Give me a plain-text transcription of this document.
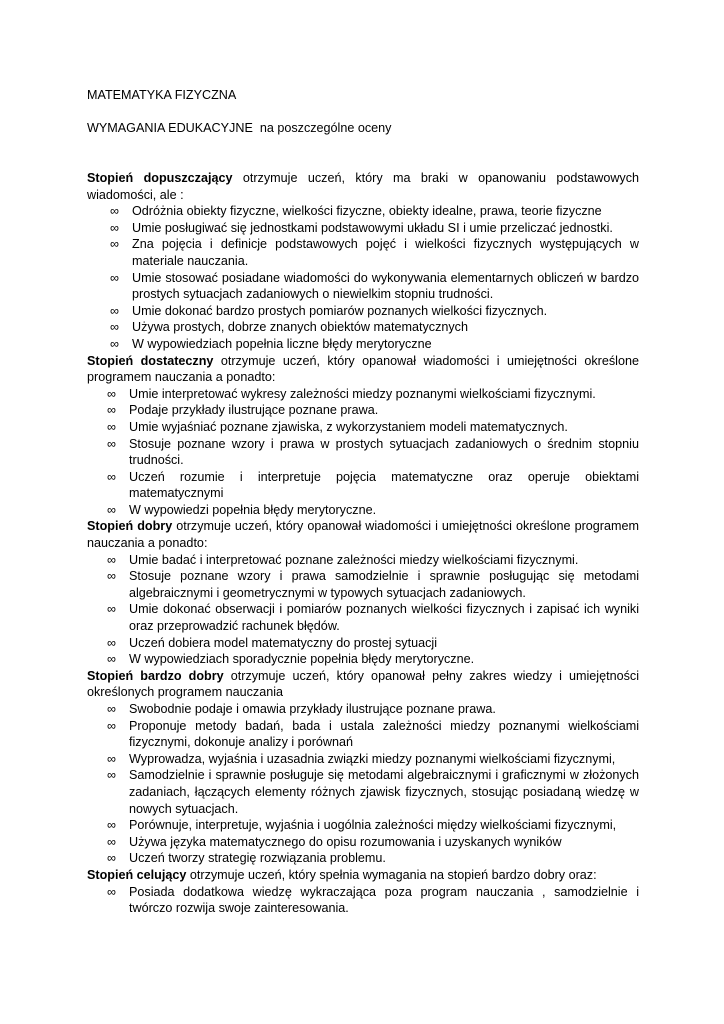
MATEMATYKA FIZYCZNA
WYMAGANIA EDUKACYJNE  na poszczególne oceny

Stopień dopuszczający otrzymuje uczeń, który ma braki w opanowaniu podstawowych wiadomości, ale :

∞ Odróżnia obiekty fizyczne, wielkości fizyczne, obiekty idealne, prawa, teorie fizyczne
∞ Umie posługiwać się jednostkami podstawowymi układu SI i umie przeliczać jednostki.
∞ Zna pojęcia i definicje podstawowych pojęć i wielkości fizycznych występujących w materiale nauczania.
∞ Umie stosować posiadane wiadomości do wykonywania elementarnych obliczeń w bardzo prostych sytuacjach zadaniowych o niewielkim stopniu trudności.
∞ Umie dokonać bardzo prostych pomiarów poznanych wielkości fizycznych.
∞ Używa prostych, dobrze znanych obiektów matematycznych
∞ W wypowiedziach popełnia liczne błędy merytoryczne

Stopień dostateczny otrzymuje uczeń, który opanował wiadomości i umiejętności określone programem nauczania a ponadto:

∞ Umie interpretować wykresy zależności miedzy poznanymi wielkościami fizycznymi.
∞ Podaje przykłady ilustrujące poznane prawa.
∞ Umie wyjaśniać poznane zjawiska, z wykorzystaniem modeli matematycznych.
∞ Stosuje poznane wzory i prawa w prostych sytuacjach zadaniowych o średnim stopniu trudności.
∞ Uczeń rozumie i interpretuje pojęcia matematyczne oraz operuje obiektami matematycznymi
∞ W wypowiedzi popełnia błędy merytoryczne.

Stopień dobry otrzymuje uczeń, który opanował wiadomości i umiejętności określone programem nauczania a ponadto:

∞ Umie badać i interpretować poznane zależności miedzy wielkościami fizycznymi.
∞ Stosuje poznane wzory i prawa samodzielnie i sprawnie posługując się metodami algebraicznymi i geometrycznymi w typowych sytuacjach zadaniowych.
∞ Umie dokonać obserwacji i pomiarów poznanych wielkości fizycznych i zapisać ich wyniki oraz przeprowadzić rachunek błędów.
∞ Uczeń dobiera model matematyczny do prostej sytuacji
∞ W wypowiedziach sporadycznie popełnia błędy merytoryczne.

Stopień bardzo dobry otrzymuje uczeń, który opanował pełny zakres wiedzy i umiejętności określonych programem nauczania

∞ Swobodnie podaje i omawia przykłady ilustrujące poznane prawa.
∞ Proponuje metody badań, bada i ustala zależności miedzy poznanymi wielkościami fizycznymi, dokonuje analizy i porównań
∞ Wyprowadza, wyjaśnia i uzasadnia związki miedzy poznanymi wielkościami fizycznymi,
∞ Samodzielnie i sprawnie posługuje się metodami algebraicznymi i graficznymi w złożonych zadaniach, łączących elementy różnych zjawisk fizycznych, stosując posiadaną wiedzę w nowych sytuacjach.
∞ Porównuje, interpretuje, wyjaśnia i uogólnia zależności między wielkościami fizycznymi,
∞ Używa języka matematycznego do opisu rozumowania i uzyskanych wyników
∞ Uczeń tworzy strategię rozwiązania problemu.

Stopień celujący otrzymuje uczeń, który spełnia wymagania na stopień bardzo dobry oraz:

∞ Posiada dodatkowa wiedzę wykraczająca poza program nauczania , samodzielnie i twórczo rozwija swoje zainteresowania.
